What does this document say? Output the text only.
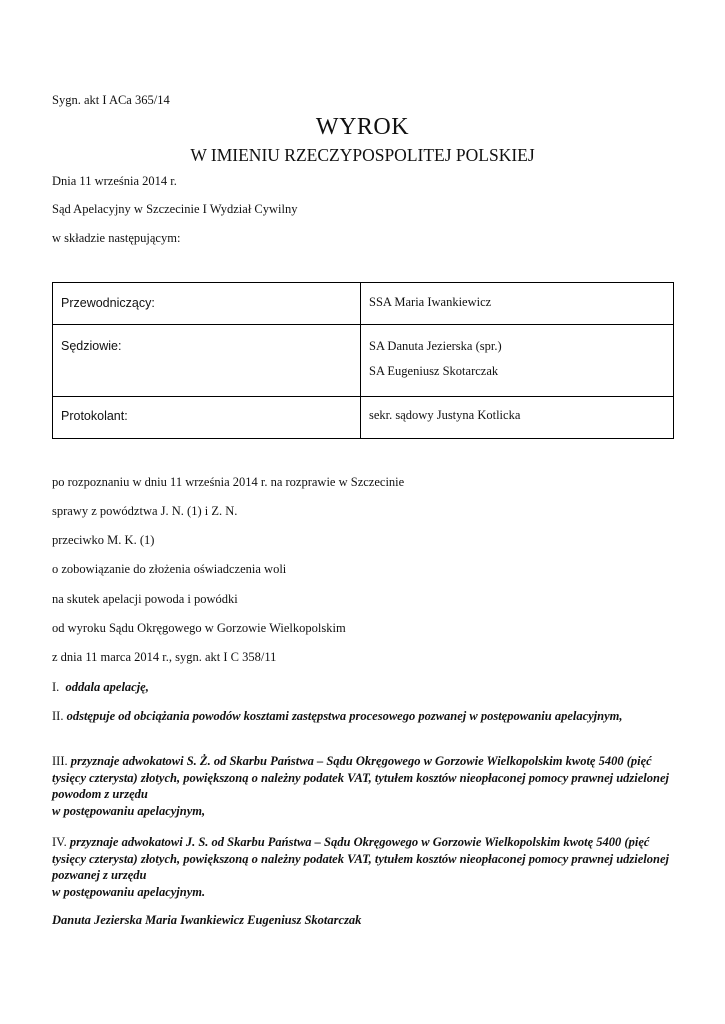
Sygn. akt I ACa 365/14
WYROK
W IMIENIU RZECZYPOSPOLITEJ POLSKIEJ
Dnia 11 września 2014 r.
Sąd Apelacyjny w Szczecinie I Wydział Cywilny
w składzie następującym:
Przewodniczący:	SSA Maria Iwankiewicz
Sędziowie:	SA Danuta Jezierska (spr.)
SA Eugeniusz Skotarczak

Protokolant:	sekr. sądowy Justyna Kotlicka
po rozpoznaniu w dniu 11 września 2014 r. na rozprawie w Szczecinie
sprawy z powództwa J. N. (1) i Z. N.
przeciwko M. K. (1)
o zobowiązanie do złożenia oświadczenia woli
na skutek apelacji powoda i powódki
od wyroku Sądu Okręgowego w Gorzowie Wielkopolskim
z dnia 11 marca 2014 r., sygn. akt I C 358/11
I. oddala apelację,
II. odstępuje od obciążania powodów kosztami zastępstwa procesowego pozwanej w postępowaniu apelacyjnym,
III. przyznaje adwokatowi S. Ż. od Skarbu Państwa – Sądu Okręgowego w Gorzowie Wielkopolskim kwotę 5400 (pięć tysięcy czterysta) złotych, powiększoną o należny podatek VAT, tytułem kosztów nieopłaconej pomocy prawnej udzielonej powodom z urzędu
w postępowaniu apelacyjnym,
IV. przyznaje adwokatowi J. S. od Skarbu Państwa – Sądu Okręgowego w Gorzowie Wielkopolskim kwotę 5400 (pięć tysięcy czterysta) złotych, powiększoną o należny podatek VAT, tytułem kosztów nieopłaconej pomocy prawnej udzielonej pozwanej z urzędu
w postępowaniu apelacyjnym.
Danuta Jezierska Maria Iwankiewicz Eugeniusz Skotarczak
